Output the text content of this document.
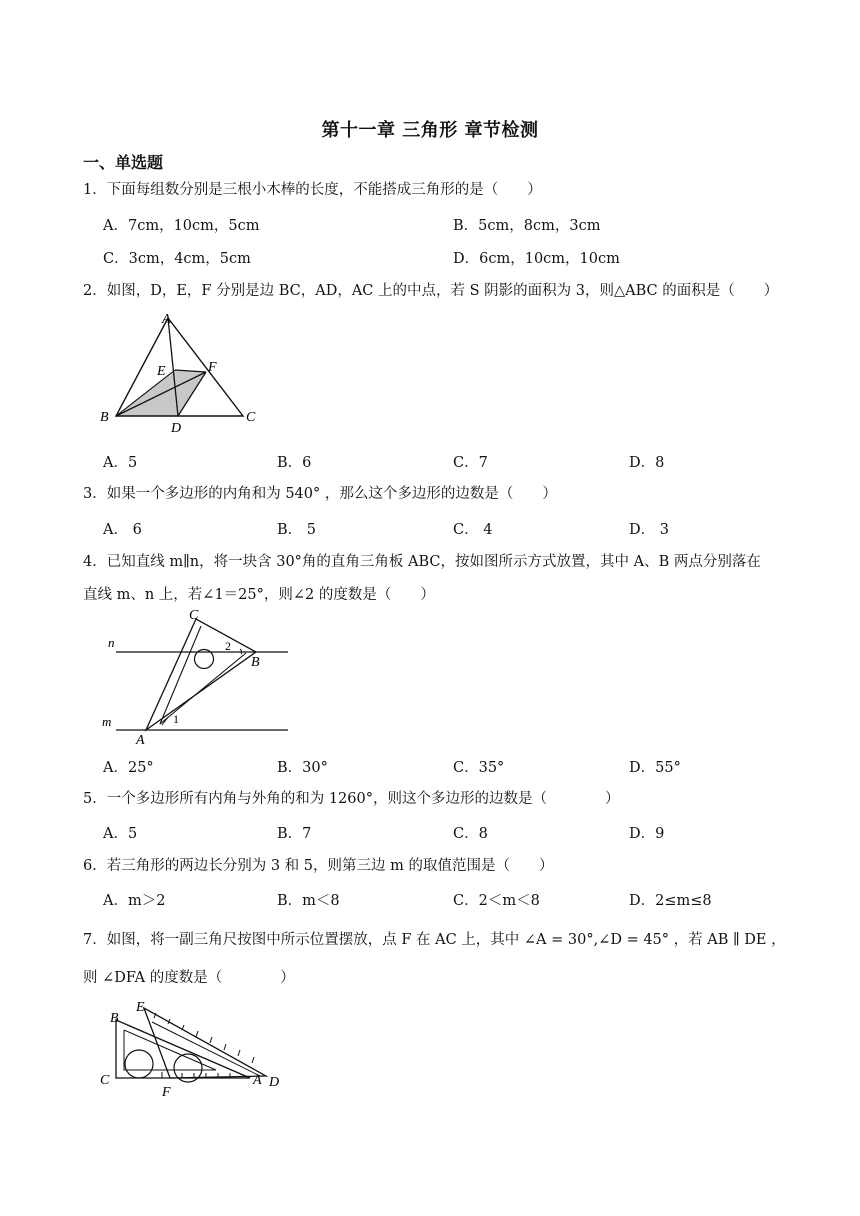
第十一章 三角形 章节检测
一、单选题
1．下面每组数分别是三根小木棒的长度，不能搭成三角形的是（　　）
A．7cm，10cm，5cm	B．5cm，8cm，3cm
C．3cm，4cm，5cm	D．6cm，10cm，10cm
2．如图，D，E，F 分别是边 BC，AD，AC 上的中点，若 S 阴影的面积为 3，则△ABC 的面积是（　　）
A
E	F
B
D
C
A．5	B．6	C．7	D．8
3．如果一个多边形的内角和为 540° ，那么这个多边形的边数是（　　）
A． 6	B． 5	C． 4	D． 3
4．已知直线 m∥n，将一块含 30°角的直角三角板 ABC，按如图所示方式放置，其中 A、B 两点分别落在
直线 m、n 上，若∠1＝25°，则∠2 的度数是（　　）
C
n	2
B
m	1
A
A．25°	B．30°	C．35°	D．55°
5．一个多边形所有内角与外角的和为 1260°，则这个多边形的边数是（　　　　）
A．5	B．7	C．8	D．9
6．若三角形的两边长分别为 3 和 5，则第三边 m 的取值范围是（　　）
A．m＞2	B．m＜8	C．2＜m＜8	D．2≤m≤8
7．如图，将一副三角尺按图中所示位置摆放，点 F 在 AC 上，其中 ∠A = 30°,∠D = 45° ，若 AB ∥ DE ，
则 ∠DFA 的度数是（　　　　）
E
B
D
C
F
A
